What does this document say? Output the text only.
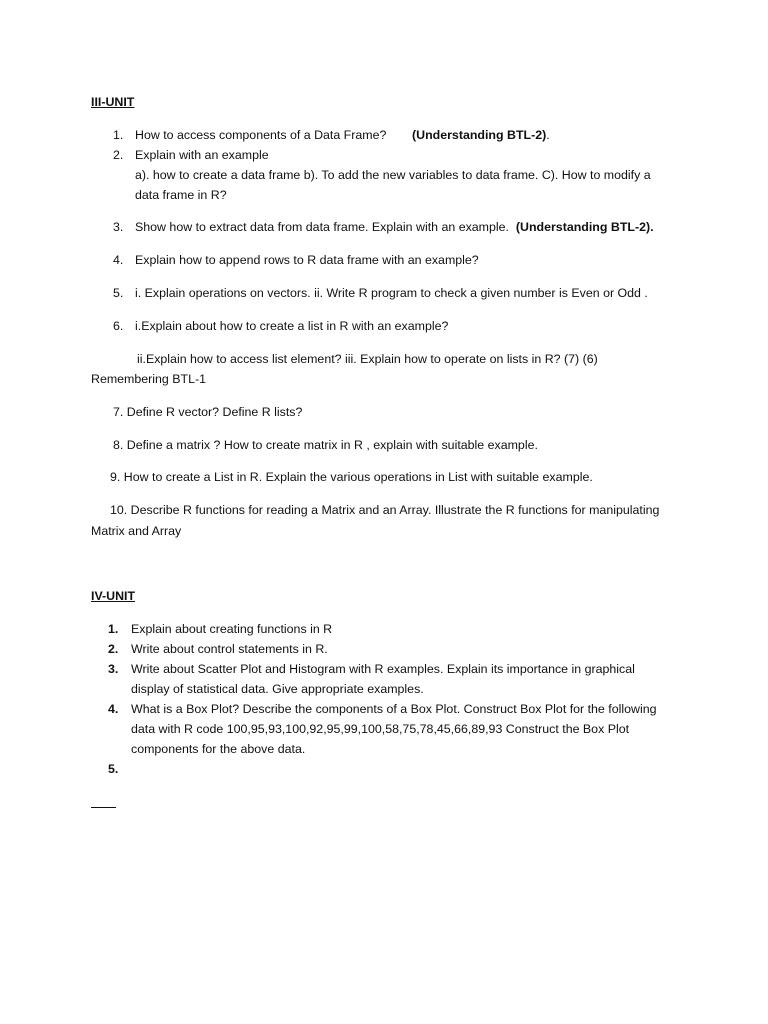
III-UNIT
1. How to access components of a Data Frame? (Understanding BTL-2).
2. Explain with an example
a). how to create a data frame b). To add the new variables to data frame. C). How to modify a
data frame in R?
3. Show how to extract data from data frame. Explain with an example. (Understanding BTL-2).
4. Explain how to append rows to R data frame with an example?
5. i. Explain operations on vectors. ii. Write R program to check a given number is Even or Odd .
6. i.Explain about how to create a list in R with an example?
ii.Explain how to access list element? iii. Explain how to operate on lists in R? (7) (6)
Remembering BTL-1
7. Define R vector? Define R lists?
8. Define a matrix ? How to create matrix in R , explain with suitable example.
9. How to create a List in R. Explain the various operations in List with suitable example.
10. Describe R functions for reading a Matrix and an Array. Illustrate the R functions for manipulating
Matrix and Array
IV-UNIT
1. Explain about creating functions in R
2. Write about control statements in R.
3. Write about Scatter Plot and Histogram with R examples. Explain its importance in graphical
display of statistical data. Give appropriate examples.
4. What is a Box Plot? Describe the components of a Box Plot. Construct Box Plot for the following
data with R code 100,95,93,100,92,95,99,100,58,75,78,45,66,89,93 Construct the Box Plot
components for the above data.
5.
